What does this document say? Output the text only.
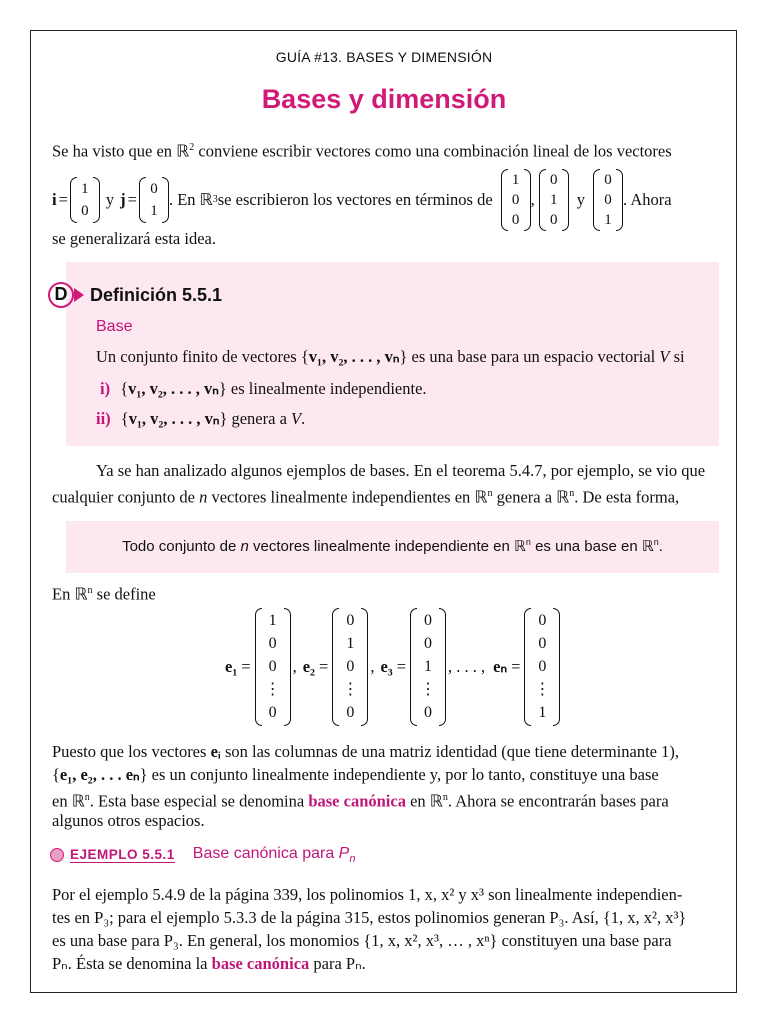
GUÍA #13. BASES Y DIMENSIÓN
Bases y dimensión
Se ha visto que en ℝ$^2$ conviene escribir vectores como una combinación lineal de los vectores
i =
1
0
y j =
0
1
. En ℝ 3 se escribieron los vectores en términos de
1
0
0
,
0
1
0
y
0
0
1
. Ahora
se generalizará esta idea.
D	Definición 5.5.1
Base
Un conjunto finito de vectores {v₁, v₂, . . . , vₙ} es una base para un espacio vectorial V si
i) {v₁, v₂, . . . , vₙ} es linealmente independiente.
ii) {v₁, v₂, . . . , vₙ} genera a V.
Ya se han analizado algunos ejemplos de bases. En el teorema 5.4.7, por ejemplo, se vio que
cualquier conjunto de n vectores linealmente independientes en ℝ$^n$ genera a ℝ$^n$. De esta forma,
Todo conjunto de n vectores linealmente independiente en ℝ$^n$ es una base en ℝ$^n$.
En ℝ$^n$ se define
e₁ =
1
0
0
⋮
0
, e₂ =
0
1
0
⋮
0
, e₃ =
0
0
1
⋮
0
, . . . , eₙ =
0
0
0
⋮
1
Puesto que los vectores eᵢ son las columnas de una matriz identidad (que tiene determinante 1),
{e₁, e₂, . . . eₙ} es un conjunto linealmente independiente y, por lo tanto, constituye una base
en ℝ$^n$. Esta base especial se denomina base canónica en ℝ$^n$. Ahora se encontrarán bases para
algunos otros espacios.
EJEMPLO 5.5.1 Base canónica para $P_n$
Por el ejemplo 5.4.9 de la página 339, los polinomios 1, x, x² y x³ son linealmente independien-
tes en P₃; para el ejemplo 5.3.3 de la página 315, estos polinomios generan P₃. Así, {1, x, x², x³}
es una base para P₃. En general, los monomios {1, x, x², x³, … , xⁿ} constituyen una base para
Pₙ. Ésta se denomina la base canónica para Pₙ.
